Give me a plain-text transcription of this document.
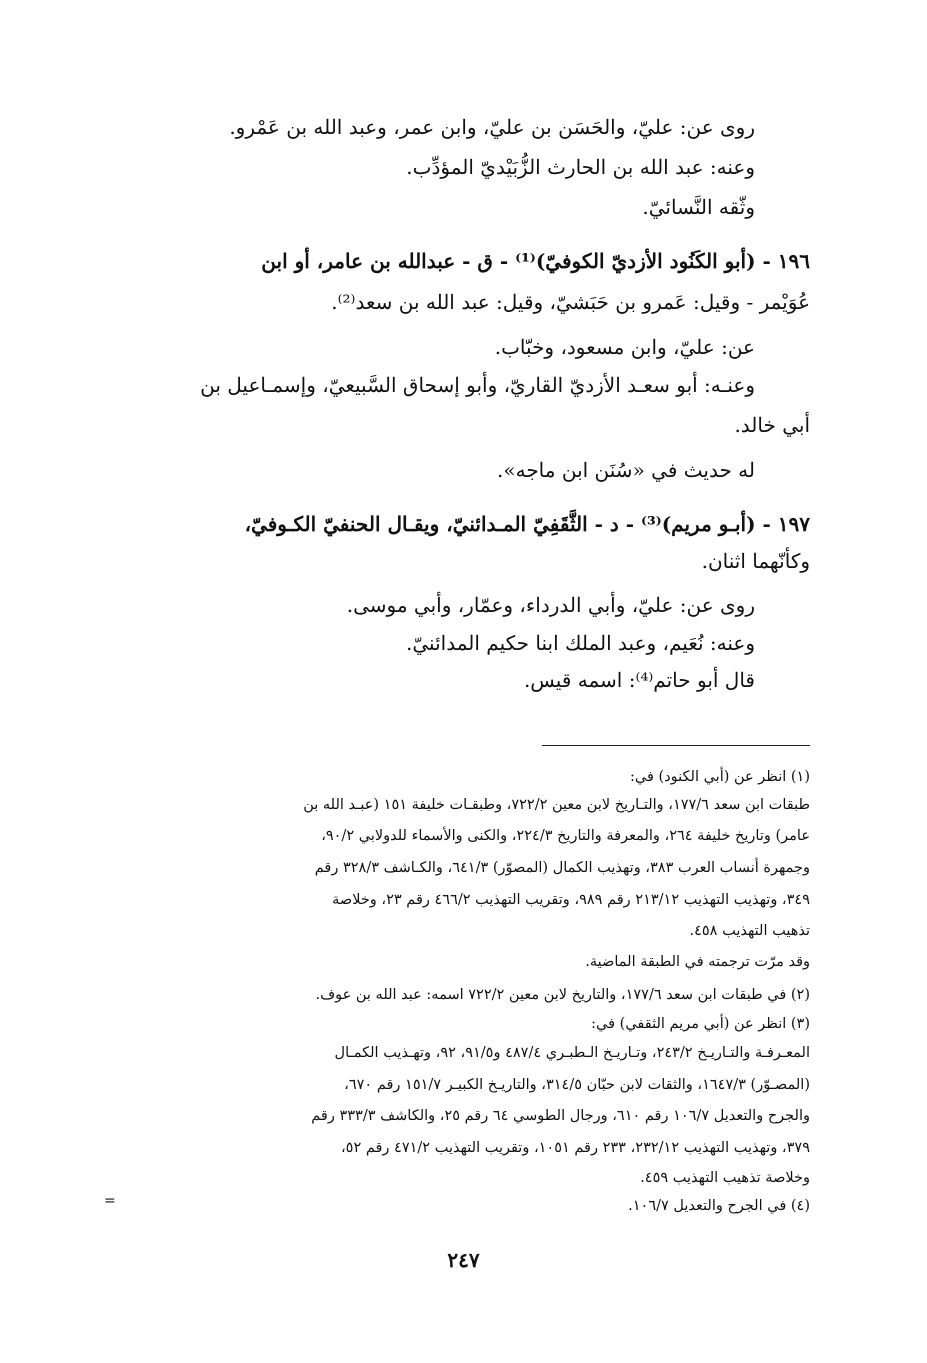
روى عن: عليّ، والحَسَن بن عليّ، وابن عمر، وعبد الله بن عَمْرو.
وعنه: عبد الله بن الحارث الزُّبَيْديّ المؤدِّب.
وثّقه النَّسائيّ.
١٩٦ - (أبو الكَنُود الأزديّ الكوفيّ)⁽¹⁾ - ق - عبدالله بن عامر، أو ابن
عُوَيْمر - وقيل: عَمرو بن حَبَشيّ، وقيل: عبد الله بن سعد⁽²⁾.
عن: عليّ، وابن مسعود، وخبّاب.
وعنـه: أبو سعـد الأزديّ القاريّ، وأبو إسحاق السَّبيعيّ، وإسمـاعيل بن
أبي خالد.
له حديث في «سُنَن ابن ماجه».
١٩٧ - (أبـو مريم)⁽³⁾ - د - الثَّقَفِيّ المـدائنيّ، ويقـال الحنفيّ الكـوفيّ،
وكأنّهما اثنان.
روى عن: عليّ، وأبي الدرداء، وعمّار، وأبي موسى.
وعنه: نُعَيم، وعبد الملك ابنا حكيم المدائنيّ.
قال أبو حاتم⁽⁴⁾: اسمه قيس.
(١) انظر عن (أبي الكنود) في:
طبقات ابن سعد ١٧٧/٦، والتـاريخ لابن معين ٧٢٢/٢، وطبقـات خليفة ١٥١ (عبـد الله بن
عامر) وتاريخ خليفة ٢٦٤، والمعرفة والتاريخ ٢٢٤/٣، والكنى والأسماء للدولابي ٩٠/٢،
وجمهرة أنساب العرب ٣٨٣، وتهذيب الكمال (المصوّر) ٦٤١/٣، والكـاشف ٣٢٨/٣ رقم
٣٤٩، وتهذيب التهذيب ٢١٣/١٢ رقم ٩٨٩، وتقريب التهذيب ٤٦٦/٢ رقم ٢٣، وخلاصة
تذهيب التهذيب ٤٥٨.
وقد مرّت ترجمته في الطبقة الماضية.
(٢) في طبقات ابن سعد ١٧٧/٦، والتاريخ لابن معين ٧٢٢/٢ اسمه: عبد الله بن عوف.
(٣) انظر عن (أبي مريم الثقفي) في:
المعـرفـة والتـاريـخ ٢٤٣/٢، وتـاريـخ الـطبـري ٤٨٧/٤ و٩١/٥، ٩٢، وتهـذيب الكمـال
(المصـوّر) ١٦٤٧/٣، والثقات لابن حبّان ٣١٤/٥، والتاريـخ الكبيـر ١٥١/٧ رقم ٦٧٠،
والجرح والتعديل ١٠٦/٧ رقم ٦١٠، ورجال الطوسي ٦٤ رقم ٢٥، والكاشف ٣٣٣/٣ رقم
٣٧٩، وتهذيب التهذيب ٢٣٢/١٢، ٢٣٣ رقم ١٠٥١، وتقريب التهذيب ٤٧١/٢ رقم ٥٢،
وخلاصة تذهيب التهذيب ٤٥٩.
(٤) في الجرح والتعديل ١٠٦/٧.
=
٢٤٧
